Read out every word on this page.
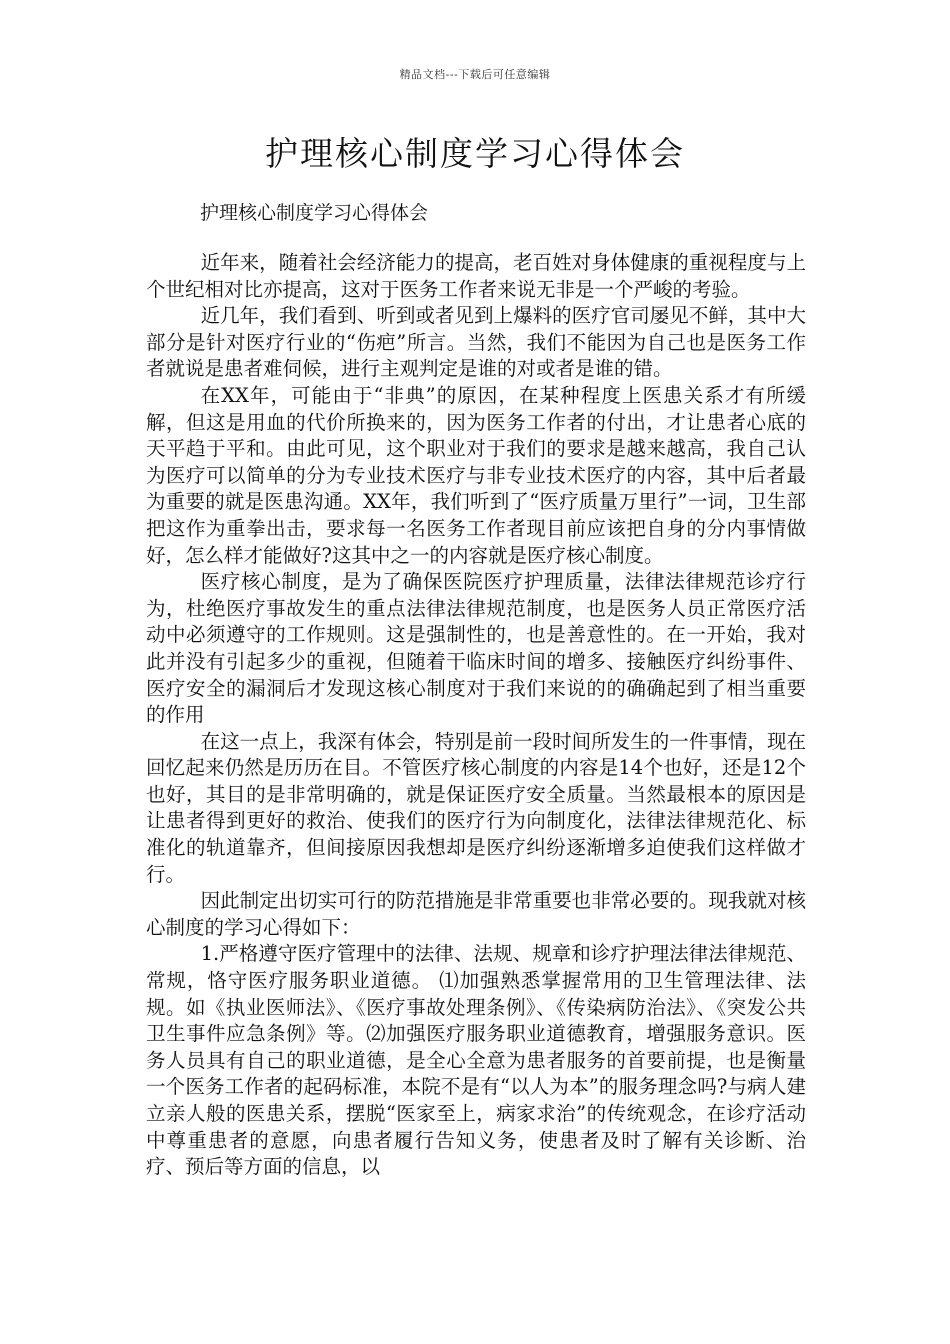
精品文档---下载后可任意编辑
护理核心制度学习心得体会
护理核心制度学习心得体会

近年来，随着社会经济能力的提高，老百姓对身体健康的重视程度与上个世纪相对比亦提高，这对于医务工作者来说无非是一个严峻的考验。

近几年，我们看到、听到或者见到上爆料的医疗官司屡见不鲜，其中大部分是针对医疗行业的“伤疤”所言。当然，我们不能因为自己也是医务工作者就说是患者难伺候，进行主观判定是谁的对或者是谁的错。

在XX年，可能由于“非典”的原因，在某种程度上医患关系才有所缓解，但这是用血的代价所换来的，因为医务工作者的付出，才让患者心底的天平趋于平和。由此可见，这个职业对于我们的要求是越来越高，我自己认为医疗可以简单的分为专业技术医疗与非专业技术医疗的内容，其中后者最为重要的就是医患沟通。XX年，我们听到了“医疗质量万里行”一词，卫生部把这作为重拳出击，要求每一名医务工作者现目前应该把自身的分内事情做好，怎么样才能做好?这其中之一的内容就是医疗核心制度。

医疗核心制度，是为了确保医院医疗护理质量，法律法律规范诊疗行为，杜绝医疗事故发生的重点法律法律规范制度，也是医务人员正常医疗活动中必须遵守的工作规则。这是强制性的，也是善意性的。在一开始，我对此并没有引起多少的重视，但随着干临床时间的增多、接触医疗纠纷事件、医疗安全的漏洞后才发现这核心制度对于我们来说的的确确起到了相当重要的作用

在这一点上，我深有体会，特别是前一段时间所发生的一件事情，现在回忆起来仍然是历历在目。不管医疗核心制度的内容是14个也好，还是12个也好，其目的是非常明确的，就是保证医疗安全质量。当然最根本的原因是让患者得到更好的救治、使我们的医疗行为向制度化，法律法律规范化、标准化的轨道靠齐，但间接原因我想却是医疗纠纷逐渐增多迫使我们这样做才行。

因此制定出切实可行的防范措施是非常重要也非常必要的。现我就对核心制度的学习心得如下：

1.严格遵守医疗管理中的法律、法规、规章和诊疗护理法律法律规范、常规，恪守医疗服务职业道德。 ⑴加强熟悉掌握常用的卫生管理法律、法规。如《执业医师法》、《医疗事故处理条例》、《传染病防治法》、《突发公共卫生事件应急条例》等。⑵加强医疗服务职业道德教育，增强服务意识。医务人员具有自己的职业道德，是全心全意为患者服务的首要前提，也是衡量一个医务工作者的起码标准，本院不是有“以人为本”的服务理念吗?与病人建立亲人般的医患关系，摆脱“医家至上，病家求治”的传统观念，在诊疗活动中尊重患者的意愿，向患者履行告知义务，使患者及时了解有关诊断、治疗、预后等方面的信息，以
